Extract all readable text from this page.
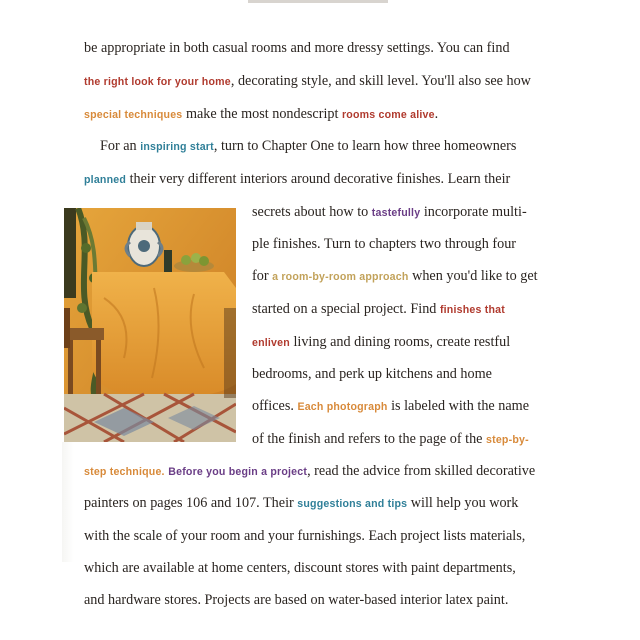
be appropriate in both casual rooms and more dressy settings. You can find
the right look for your home, decorating style, and skill level. You'll also see how
special techniques make the most nondescript rooms come alive.
For an inspiring start, turn to Chapter One to learn how three homeowners
planned their very different interiors around decorative finishes. Learn their
secrets about how to tastefully incorporate multi-
ple finishes. Turn to chapters two through four
for a room-by-room approach when you'd like to get
started on a special project. Find finishes that
enliven living and dining rooms, create restful
bedrooms, and perk up kitchens and home
offices. Each photograph is labeled with the name
of the finish and refers to the page of the step-by-
step technique. Before you begin a project, read the advice from skilled decorative
painters on pages 106 and 107. Their suggestions and tips will help you work
with the scale of your room and your furnishings. Each project lists materials,
which are available at home centers, discount stores with paint departments,
and hardware stores. Projects are based on water-based interior latex paint.
